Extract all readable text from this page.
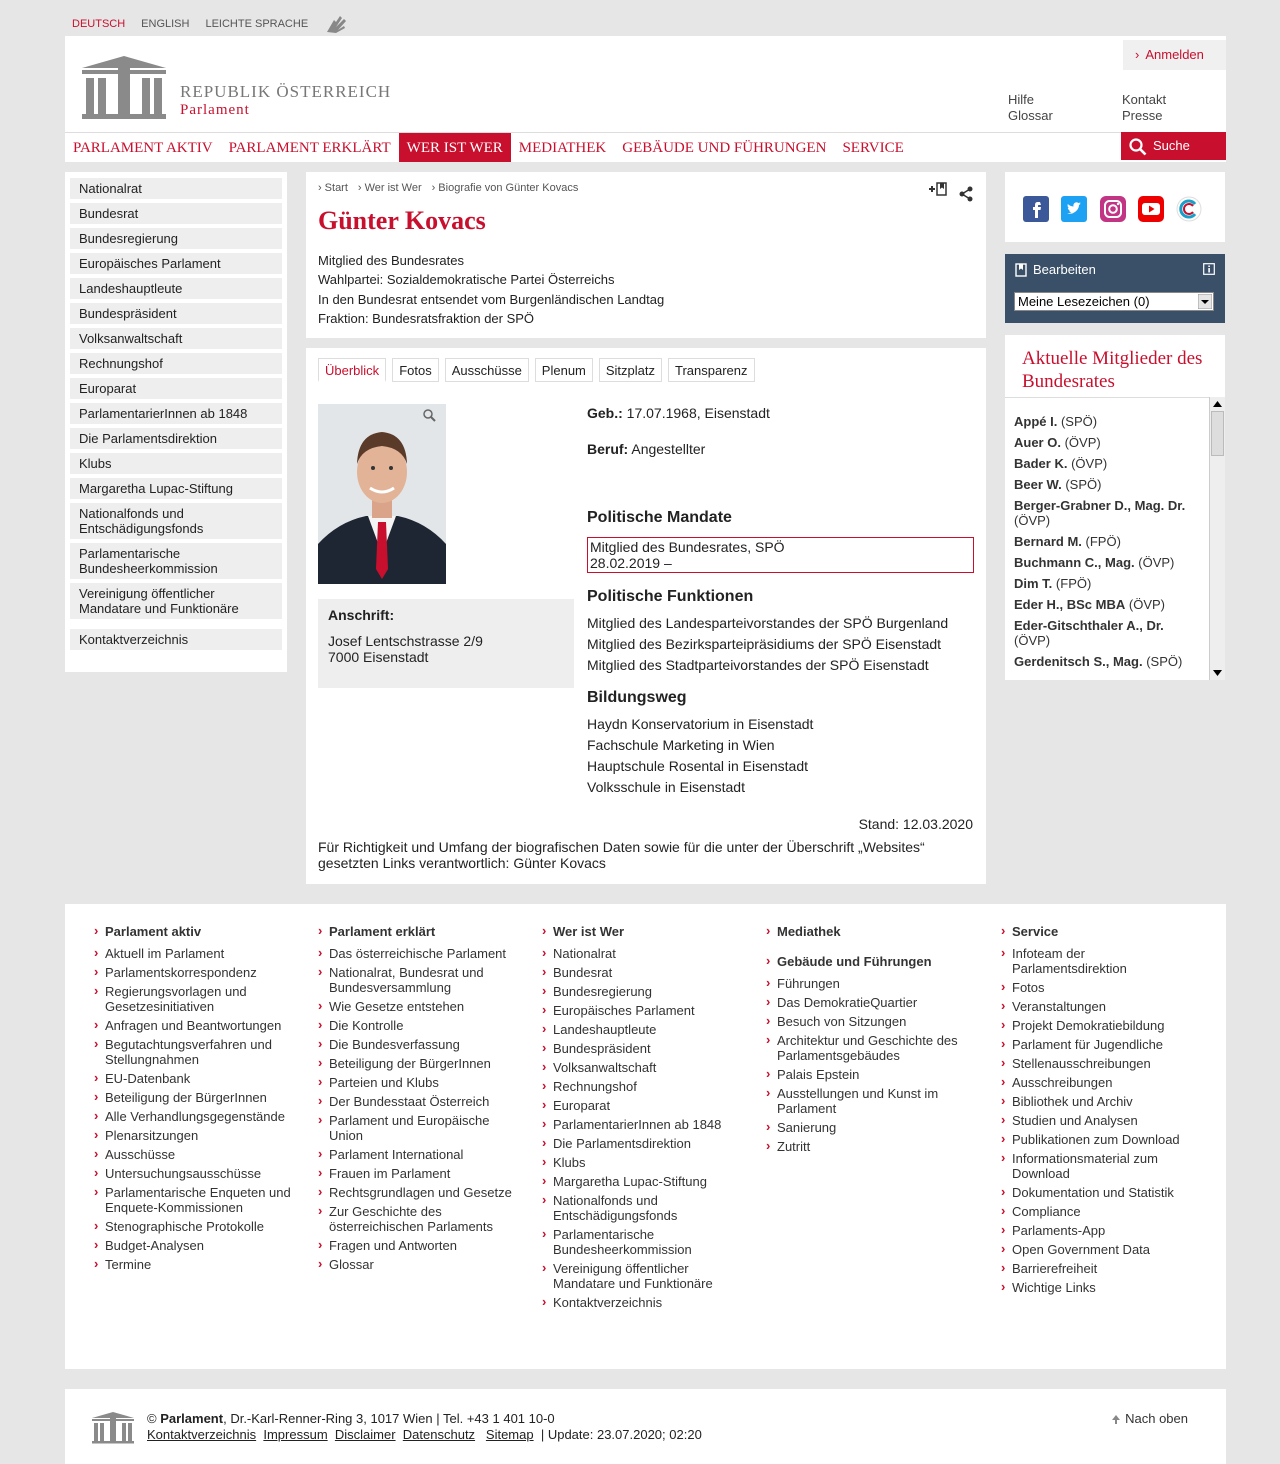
DEUTSCH ENGLISH LEICHTE SPRACHE
REPUBLIK ÖSTERREICH
Parlament
› Anmelden
Hilfe
Glossar
Kontakt
Presse
PARLAMENT AKTIV	PARLAMENT ERKLÄRT	WER IST WER	MEDIATHEK	GEBÄUDE UND FÜHRUNGEN	SERVICE	Suche
Nationalrat
Bundesrat
Bundesregierung
Europäisches Parlament
Landeshauptleute
Bundespräsident
Volksanwaltschaft
Rechnungshof
Europarat
ParlamentarierInnen ab 1848
Die Parlamentsdirektion
Klubs
Margaretha Lupac-Stiftung
Nationalfonds und Entschädigungsfonds
Parlamentarische Bundesheerkommission
Vereinigung öffentlicher Mandatare und Funktionäre
Kontaktverzeichnis
› Start	› Wer ist Wer	› Biografie von Günter Kovacs
Günter Kovacs
Mitglied des Bundesrates
Wahlpartei: Sozialdemokratische Partei Österreichs
In den Bundesrat entsendet vom Burgenländischen Landtag
Fraktion: Bundesratsfraktion der SPÖ
Überblick	Fotos	Ausschüsse	Plenum	Sitzplatz	Transparenz
Anschrift:
Josef Lentschstrasse 2/9
7000 Eisenstadt
Geb.: 17.07.1968, Eisenstadt
Beruf: Angestellter
Politische Mandate
Mitglied des Bundesrates, SPÖ
28.02.2019 –
Politische Funktionen
Mitglied des Landesparteivorstandes der SPÖ Burgenland
Mitglied des Bezirksparteipräsidiums der SPÖ Eisenstadt
Mitglied des Stadtparteivorstandes der SPÖ Eisenstadt
Bildungsweg
Haydn Konservatorium in Eisenstadt
Fachschule Marketing in Wien
Hauptschule Rosental in Eisenstadt
Volksschule in Eisenstadt
Stand: 12.03.2020
Für Richtigkeit und Umfang der biografischen Daten sowie für die unter der Überschrift „Websites“ gesetzten Links verantwortlich: Günter Kovacs
Bearbeiten
Meine Lesezeichen (0)
Aktuelle Mitglieder des Bundesrates
Appé I. (SPÖ)
Auer O. (ÖVP)
Bader K. (ÖVP)
Beer W. (SPÖ)
Berger-Grabner D., Mag. Dr. (ÖVP)
Bernard M. (FPÖ)
Buchmann C., Mag. (ÖVP)
Dim T. (FPÖ)
Eder H., BSc MBA (ÖVP)
Eder-Gitschthaler A., Dr. (ÖVP)
Gerdenitsch S., Mag. (SPÖ)
› Parlament aktiv
› Aktuell im Parlament
› Parlamentskorrespondenz
› Regierungsvorlagen und Gesetzesinitiativen
› Anfragen und Beantwortungen
› Begutachtungsverfahren und Stellungnahmen
› EU-Datenbank
› Beteiligung der BürgerInnen
› Alle Verhandlungsgegenstände
› Plenarsitzungen
› Ausschüsse
› Untersuchungsausschüsse
› Parlamentarische Enqueten und Enquete-Kommissionen
› Stenographische Protokolle
› Budget-Analysen
› Termine
› Parlament erklärt
› Das österreichische Parlament
› Nationalrat, Bundesrat und Bundesversammlung
› Wie Gesetze entstehen
› Die Kontrolle
› Die Bundesverfassung
› Beteiligung der BürgerInnen
› Parteien und Klubs
› Der Bundesstaat Österreich
› Parlament und Europäische Union
› Parlament International
› Frauen im Parlament
› Rechtsgrundlagen und Gesetze
› Zur Geschichte des österreichischen Parlaments
› Fragen und Antworten
› Glossar
› Wer ist Wer
› Nationalrat
› Bundesrat
› Bundesregierung
› Europäisches Parlament
› Landeshauptleute
› Bundespräsident
› Volksanwaltschaft
› Rechnungshof
› Europarat
› ParlamentarierInnen ab 1848
› Die Parlamentsdirektion
› Klubs
› Margaretha Lupac-Stiftung
› Nationalfonds und Entschädigungsfonds
› Parlamentarische Bundesheerkommission
› Vereinigung öffentlicher Mandatare und Funktionäre
› Kontaktverzeichnis
› Mediathek
› Gebäude und Führungen
› Führungen
› Das DemokratieQuartier
› Besuch von Sitzungen
› Architektur und Geschichte des Parlamentsgebäudes
› Palais Epstein
› Ausstellungen und Kunst im Parlament
› Sanierung
› Zutritt
› Service
› Infoteam der Parlamentsdirektion
› Fotos
› Veranstaltungen
› Projekt Demokratiebildung
› Parlament für Jugendliche
› Stellenausschreibungen
› Ausschreibungen
› Bibliothek und Archiv
› Studien und Analysen
› Publikationen zum Download
› Informationsmaterial zum Download
› Dokumentation und Statistik
› Compliance
› Parlaments-App
› Open Government Data
› Barrierefreiheit
› Wichtige Links
© Parlament, Dr.-Karl-Renner-Ring 3, 1017 Wien | Tel. +43 1 401 10-0
Kontaktverzeichnis Impressum Disclaimer Datenschutz Sitemap | Update: 23.07.2020; 02:20
Nach oben
